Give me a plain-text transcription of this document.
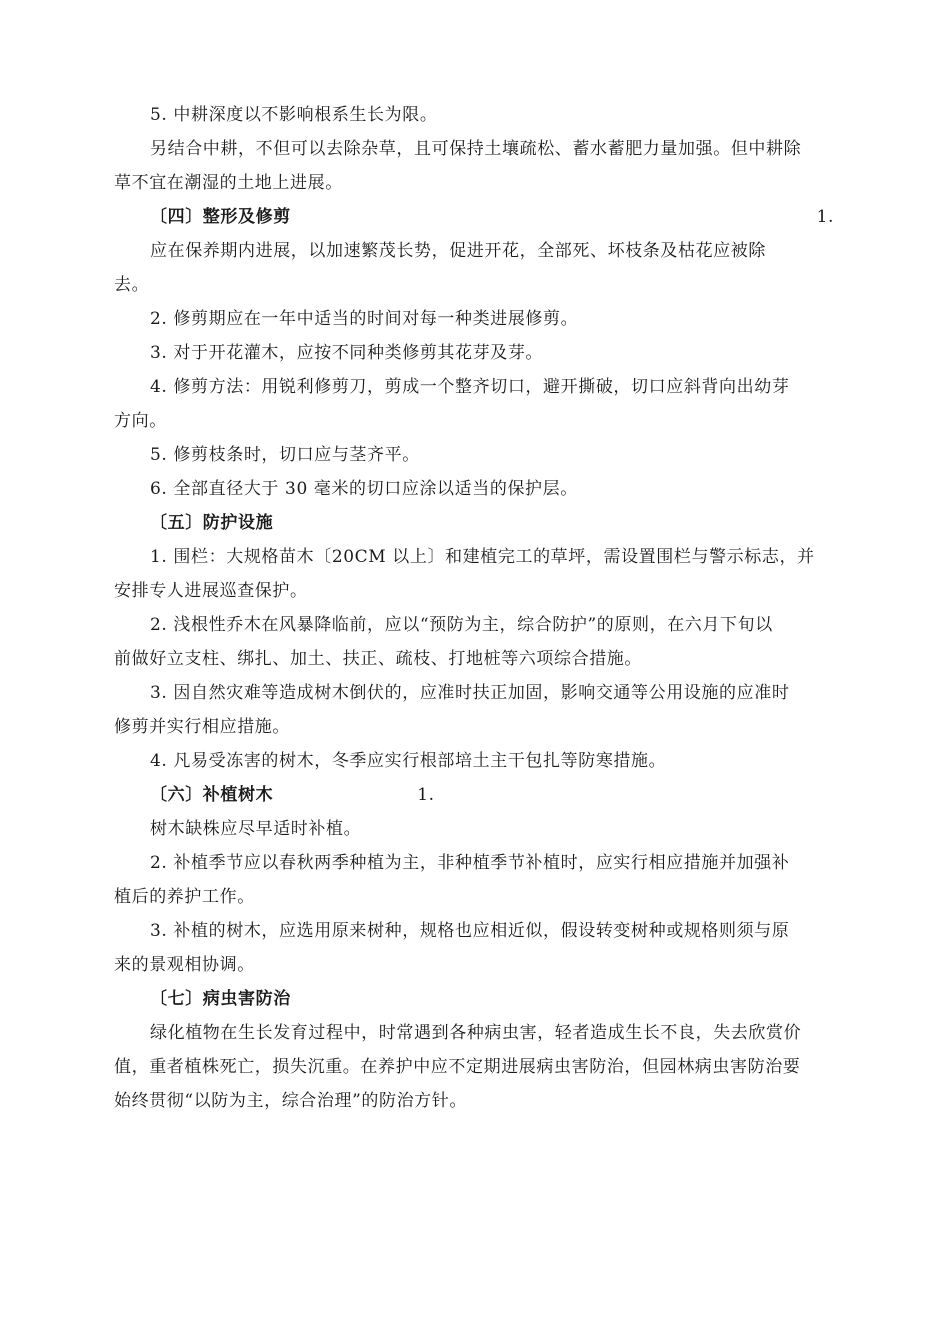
5. 中耕深度以不影响根系生长为限。

另结合中耕，不但可以去除杂草，且可保持土壤疏松、蓄水蓄肥力量加强。但中耕除

草不宜在潮湿的土地上进展。

〔四〕整形及修剪	1.

应在保养期内进展，以加速繁茂长势，促进开花，全部死、坏枝条及枯花应被除

去。

2. 修剪期应在一年中适当的时间对每一种类进展修剪。

3. 对于开花灌木，应按不同种类修剪其花芽及芽。

4. 修剪方法：用锐利修剪刀，剪成一个整齐切口，避开撕破，切口应斜背向出幼芽

方向。

5. 修剪枝条时，切口应与茎齐平。

6. 全部直径大于 30 毫米的切口应涂以适当的保护层。

〔五〕防护设施

1. 围栏：大规格苗木〔20CM 以上〕和建植完工的草坪，需设置围栏与警示标志，并

安排专人进展巡查保护。

2. 浅根性乔木在风暴降临前，应以“预防为主，综合防护”的原则，在六月下旬以

前做好立支柱、绑扎、加土、扶正、疏枝、打地桩等六项综合措施。

3. 因自然灾难等造成树木倒伏的，应准时扶正加固，影响交通等公用设施的应准时

修剪并实行相应措施。

4. 凡易受冻害的树木，冬季应实行根部培土主干包扎等防寒措施。

〔六〕补植树木	1.

树木缺株应尽早适时补植。

2. 补植季节应以春秋两季种植为主，非种植季节补植时，应实行相应措施并加强补

植后的养护工作。

3. 补植的树木，应选用原来树种，规格也应相近似，假设转变树种或规格则须与原

来的景观相协调。

〔七〕病虫害防治

绿化植物在生长发育过程中，时常遇到各种病虫害，轻者造成生长不良，失去欣赏价

值，重者植株死亡，损失沉重。在养护中应不定期进展病虫害防治，但园林病虫害防治要

始终贯彻“以防为主，综合治理”的防治方针。
